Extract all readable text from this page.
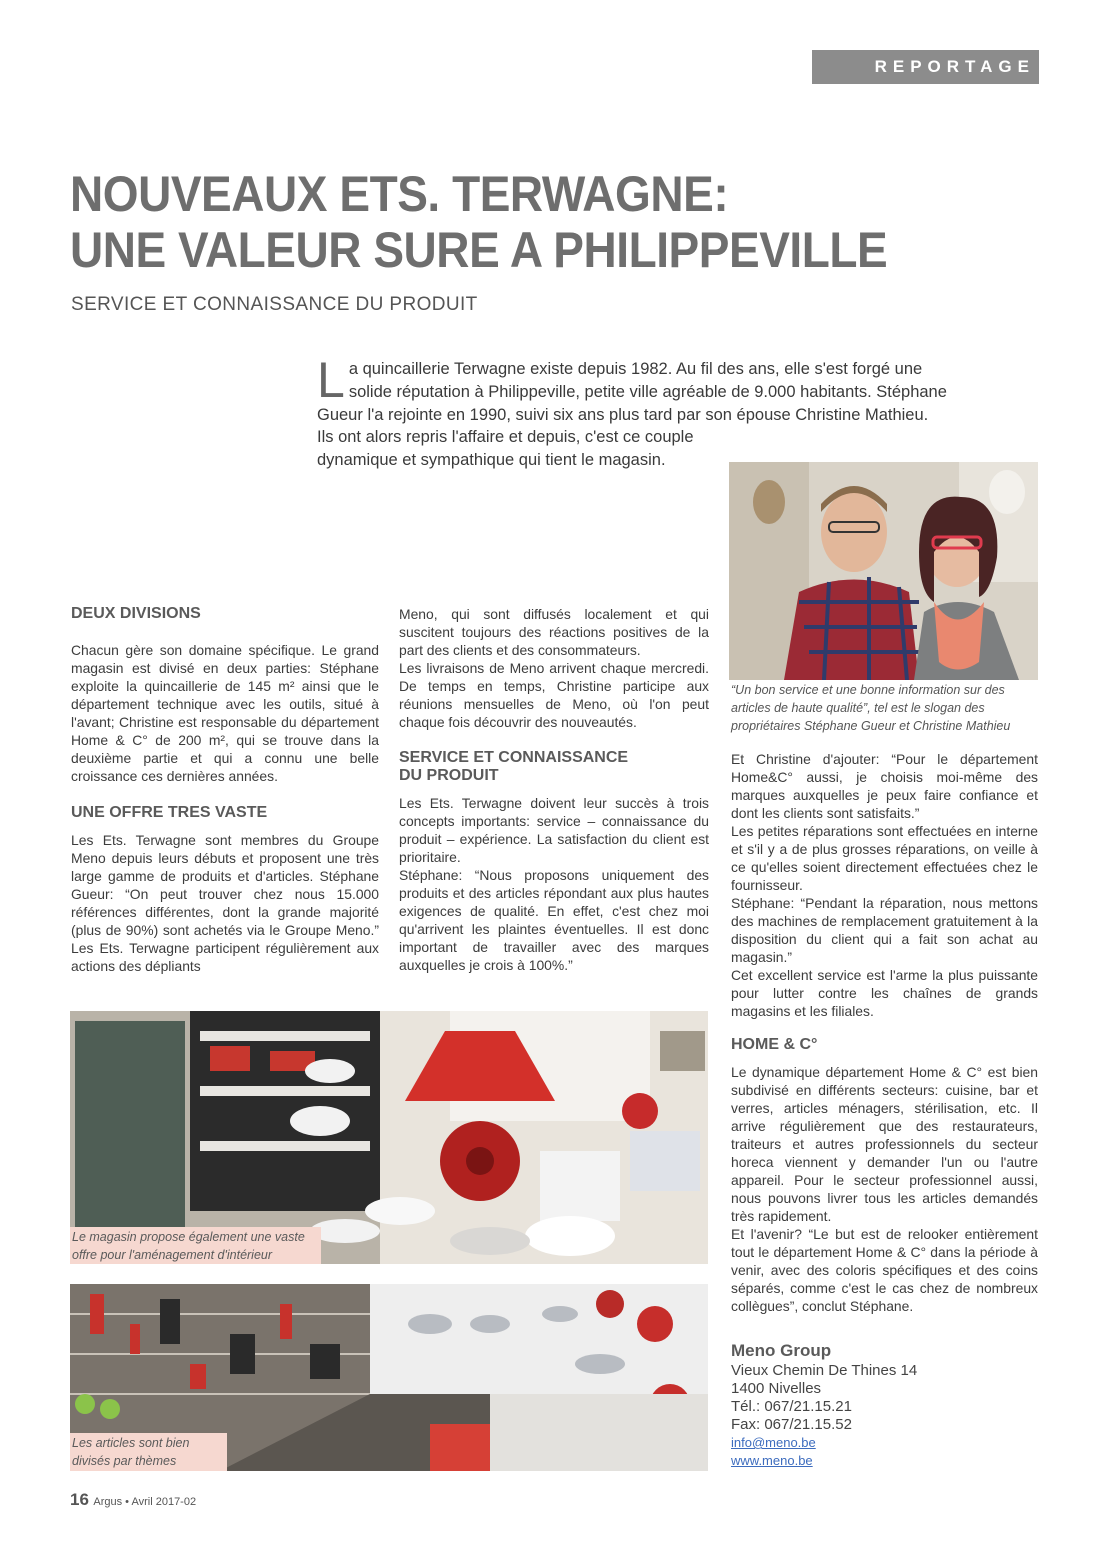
REPORTAGE
NOUVEAUX ETS. TERWAGNE:
UNE VALEUR SURE A PHILIPPEVILLE
SERVICE ET CONNAISSANCE DU PRODUIT
L a quincaillerie Terwagne existe depuis 1982. Au fil des ans, elle s'est forgé une solide réputation à Philippeville, petite ville agréable de 9.000 habitants. Stéphane Gueur l'a rejointe en 1990, suivi six ans plus tard par son épouse Christine Mathieu.

Ils ont alors repris l'affaire et depuis, c'est ce couple dynamique et sympathique qui tient le magasin.

“Un bon service et une bonne information sur des articles de haute qualité”, tel est le slogan des propriétaires Stéphane Gueur et Christine Mathieu
DEUX DIVISIONS

Chacun gère son domaine spécifique. Le grand magasin est divisé en deux parties: Stéphane exploite la quincaillerie de 145 m² ainsi que le département technique avec les outils, situé à l'avant; Christine est responsable du département Home & C° de 200 m², qui se trouve dans la deuxième partie et qui a connu une belle croissance ces dernières années.

UNE OFFRE TRES VASTE

Les Ets. Terwagne sont membres du Groupe Meno depuis leurs débuts et proposent une très large gamme de produits et d'articles. Stéphane Gueur: “On peut trouver chez nous 15.000 références différentes, dont la grande majorité (plus de 90%) sont achetés via le Groupe Meno.” Les Ets. Terwagne participent régulièrement aux actions des dépliants

Meno, qui sont diffusés localement et qui suscitent toujours des réactions positives de la part des clients et des consommateurs.

Les livraisons de Meno arrivent chaque mercredi. De temps en temps, Christine participe aux réunions mensuelles de Meno, où l'on peut chaque fois découvrir des nouveautés.

SERVICE ET CONNAISSANCE
DU PRODUIT

Les Ets. Terwagne doivent leur succès à trois concepts importants: service – connaissance du produit – expérience. La satisfaction du client est prioritaire.

Stéphane: “Nous proposons uniquement des produits et des articles répondant aux plus hautes exigences de qualité. En effet, c'est chez moi qu'arrivent les plaintes éventuelles. Il est donc important de travailler avec des marques auxquelles je crois à 100%.”

Et Christine d'ajouter: “Pour le département Home&C° aussi, je choisis moi-même des marques auxquelles je peux faire confiance et dont les clients sont satisfaits.”

Les petites réparations sont effectuées en interne et s'il y a de plus grosses réparations, on veille à ce qu'elles soient directement effectuées chez le fournisseur.

Stéphane: “Pendant la réparation, nous mettons des machines de remplacement gratuitement à la disposition du client qui a fait son achat au magasin.”

Cet excellent service est l'arme la plus puissante pour lutter contre les chaînes de grands magasins et les filiales.

HOME & C°

Le dynamique département Home & C° est bien subdivisé en différents secteurs: cuisine, bar et verres, articles ménagers, stérilisation, etc. Il arrive régulièrement que des restaurateurs, traiteurs et autres professionnels du secteur horeca viennent y demander l'un ou l'autre appareil. Pour le secteur professionnel aussi, nous pouvons livrer tous les articles demandés très rapidement.

Et l'avenir? “Le but est de relooker entièrement tout le département Home & C° dans la période à venir, avec des coloris spécifiques et des coins séparés, comme c'est le cas chez de nombreux collègues”, conclut Stéphane.

Le magasin propose également une vaste offre pour l'aménagement d'intérieur
Les articles sont bien divisés par thèmes
Meno Group
Vieux Chemin De Thines 14
1400 Nivelles
Tél.: 067/21.15.21
Fax: 067/21.15.52
info@meno.be
www.meno.be
16 Argus • Avril 2017-02
